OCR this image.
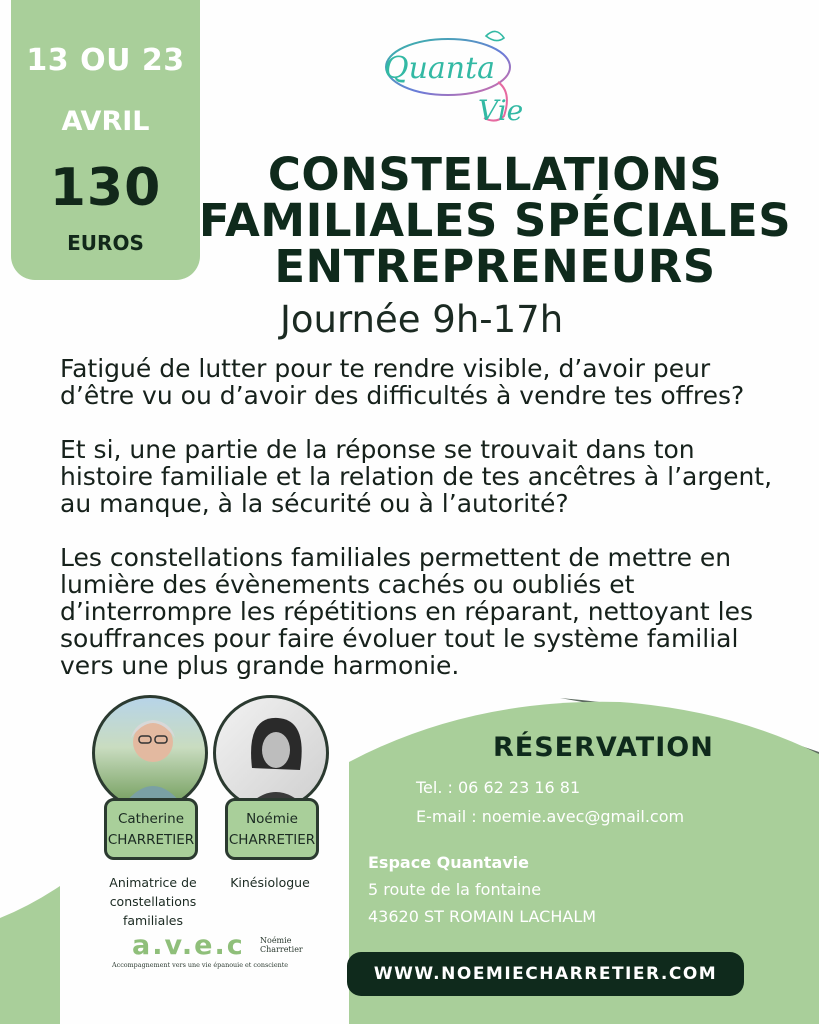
13 OU 23
AVRIL
130
EUROS
Quanta
Vie
CONSTELLATIONS
FAMILIALES SPÉCIALES
ENTREPRENEURS
Journée 9h-17h

Fatigué de lutter pour te rendre visible, d’avoir peur
d’être vu ou d’avoir des difficultés à vendre tes offres?

Et si, une partie de la réponse se trouvait dans ton
histoire familiale et la relation de tes ancêtres à l’argent,
au manque, à la sécurité ou à l’autorité?

Les constellations familiales permettent de mettre en
lumière des évènements cachés ou oubliés et
d’interrompre les répétitions en réparant, nettoyant les
souffrances pour faire évoluer tout le système familial
vers une plus grande harmonie.

Catherine
CHARRETIER
Noémie
CHARRETIER
Animatrice de
constellations
familiales
Kinésiologue
a.v.e.c Noémie
Charretier
Accompagnement vers une vie épanouie et consciente
RÉSERVATION
Tel. : 06 62 23 16 81
E-mail : noemie.avec@gmail.com
Espace Quantavie
5 route de la fontaine
43620 ST ROMAIN LACHALM
WWW.NOEMIECHARRETIER.COM
